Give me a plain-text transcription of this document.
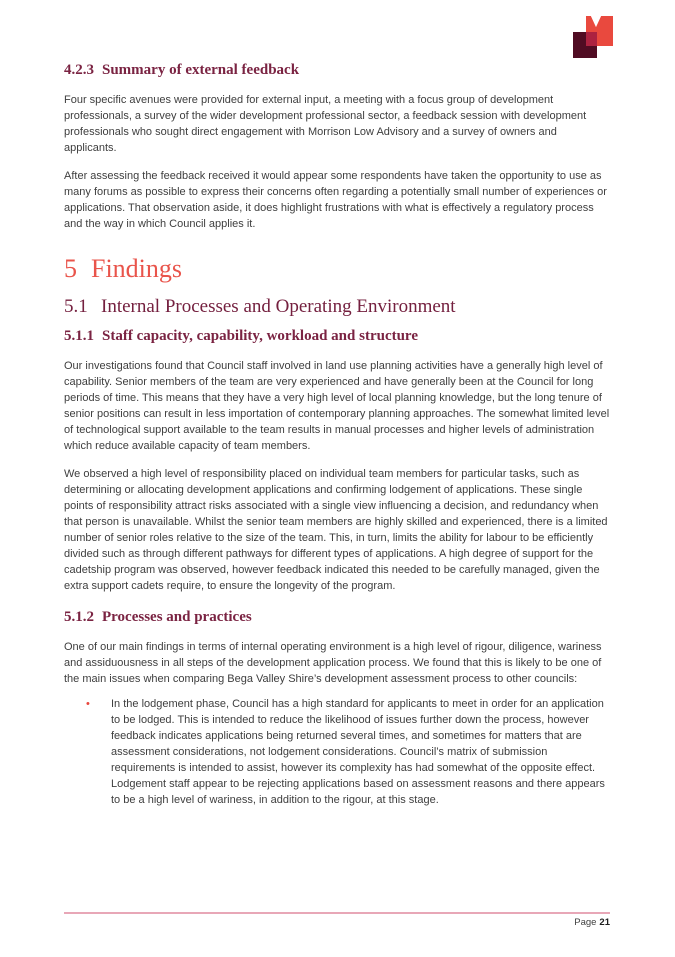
4.2.3 Summary of external feedback

Four specific avenues were provided for external input, a meeting with a focus group of development professionals, a survey of the wider development professional sector, a feedback session with development professionals who sought direct engagement with Morrison Low Advisory and a survey of owners and applicants.

After assessing the feedback received it would appear some respondents have taken the opportunity to use as many forums as possible to express their concerns often regarding a potentially small number of experiences or applications. That observation aside, it does highlight frustrations with what is effectively a regulatory process and the way in which Council applies it.

5 Findings
5.1 Internal Processes and Operating Environment
5.1.1 Staff capacity, capability, workload and structure

Our investigations found that Council staff involved in land use planning activities have a generally high level of capability. Senior members of the team are very experienced and have generally been at the Council for long periods of time. This means that they have a very high level of local planning knowledge, but the long tenure of senior positions can result in less importation of contemporary planning approaches. The somewhat limited level of technological support available to the team results in manual processes and higher levels of administration which reduce available capacity of team members.

We observed a high level of responsibility placed on individual team members for particular tasks, such as determining or allocating development applications and confirming lodgement of applications. These single points of responsibility attract risks associated with a single view influencing a decision, and redundancy when that person is unavailable. Whilst the senior team members are highly skilled and experienced, there is a limited number of senior roles relative to the size of the team. This, in turn, limits the ability for labour to be efficiently divided such as through different pathways for different types of applications. A high degree of support for the cadetship program was observed, however feedback indicated this needed to be carefully managed, given the extra support cadets require, to ensure the longevity of the program.

5.1.2 Processes and practices

One of our main findings in terms of internal operating environment is a high level of rigour, diligence, wariness and assiduousness in all steps of the development application process. We found that this is likely to be one of the main issues when comparing Bega Valley Shire’s development assessment process to other councils:

•	In the lodgement phase, Council has a high standard for applicants to meet in order for an application to be lodged. This is intended to reduce the likelihood of issues further down the process, however feedback indicates applications being returned several times, and sometimes for matters that are assessment considerations, not lodgement considerations. Council’s matrix of submission requirements is intended to assist, however its complexity has had somewhat of the opposite effect. Lodgement staff appear to be rejecting applications based on assessment reasons and there appears to be a high level of wariness, in addition to the rigour, at this stage.
Page 21
